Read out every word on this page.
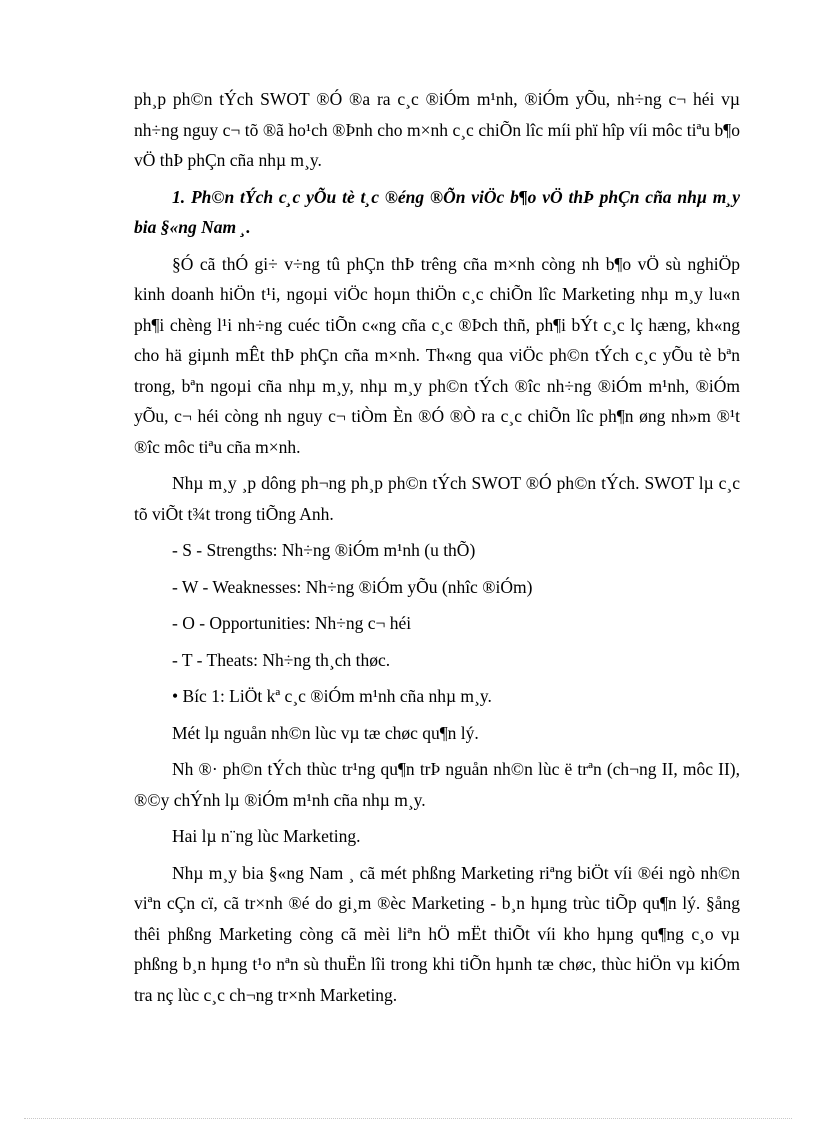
ph¸p ph©n tÝch SWOT ®Ó ®a ra c¸c ®iÓm m¹nh, ®iÓm yÕu, nh÷ng c¬ héi vµ nh÷ng nguy c¬ tõ ®ã ho¹ch ®Þnh cho m×nh c¸c chiÕn lîc míi phï hîp víi môc tiªu b¶o vÖ thÞ phÇn cña nhµ m¸y.

1. Ph©n tÝch c¸c yÕu tè t¸c ®éng ®Õn viÖc b¶o vÖ thÞ phÇn cña nhµ m¸y bia §«ng Nam ¸.

§Ó cã thÓ gi÷ v÷ng tû phÇn thÞ trêng cña m×nh còng nh b¶o vÖ sù nghiÖp kinh doanh hiÖn t¹i, ngoµi viÖc hoµn thiÖn c¸c chiÕn lîc Marketing nhµ m¸y lu«n ph¶i chèng l¹i nh÷ng cuéc tiÕn c«ng cña c¸c ®Þch thñ, ph¶i bÝt c¸c lç hæng, kh«ng cho hä giµnh mÊt thÞ phÇn cña m×nh. Th«ng qua viÖc ph©n tÝch c¸c yÕu tè bªn trong, bªn ngoµi cña nhµ m¸y, nhµ m¸y ph©n tÝch ®îc nh÷ng ®iÓm m¹nh, ®iÓm yÕu, c¬ héi còng nh nguy c¬ tiÒm Èn ®Ó ®Ò ra c¸c chiÕn lîc ph¶n øng nh»m ®¹t ®îc môc tiªu cña m×nh.

Nhµ m¸y ¸p dông ph¬ng ph¸p ph©n tÝch SWOT ®Ó ph©n tÝch. SWOT lµ c¸c tõ viÕt t¾t trong tiÕng Anh.

- S - Strengths: Nh÷ng ®iÓm m¹nh (u thÕ)

- W - Weaknesses: Nh÷ng ®iÓm yÕu (nhîc ®iÓm)

- O - Opportunities: Nh÷ng c¬ héi

- T - Theats: Nh÷ng th¸ch thøc.

• Bíc 1: LiÖt kª c¸c ®iÓm m¹nh cña nhµ m¸y.

Mét lµ nguån nh©n lùc vµ tæ chøc qu¶n lý.

Nh ®· ph©n tÝch thùc tr¹ng qu¶n trÞ nguån nh©n lùc ë trªn (ch¬ng II, môc II), ®©y chÝnh lµ ®iÓm m¹nh cña nhµ m¸y.

Hai lµ n¨ng lùc Marketing.

Nhµ m¸y bia §«ng Nam ¸ cã mét phßng Marketing riªng biÖt víi ®éi ngò nh©n viªn cÇn cï, cã tr×nh ®é do gi¸m ®èc Marketing - b¸n hµng trùc tiÕp qu¶n lý. §ång thêi phßng Marketing còng cã mèi liªn hÖ mËt thiÕt víi kho hµng qu¶ng c¸o vµ phßng b¸n hµng t¹o nªn sù thuËn lîi trong khi tiÕn hµnh tæ chøc, thùc hiÖn vµ kiÓm tra nç lùc c¸c ch¬ng tr×nh Marketing.
